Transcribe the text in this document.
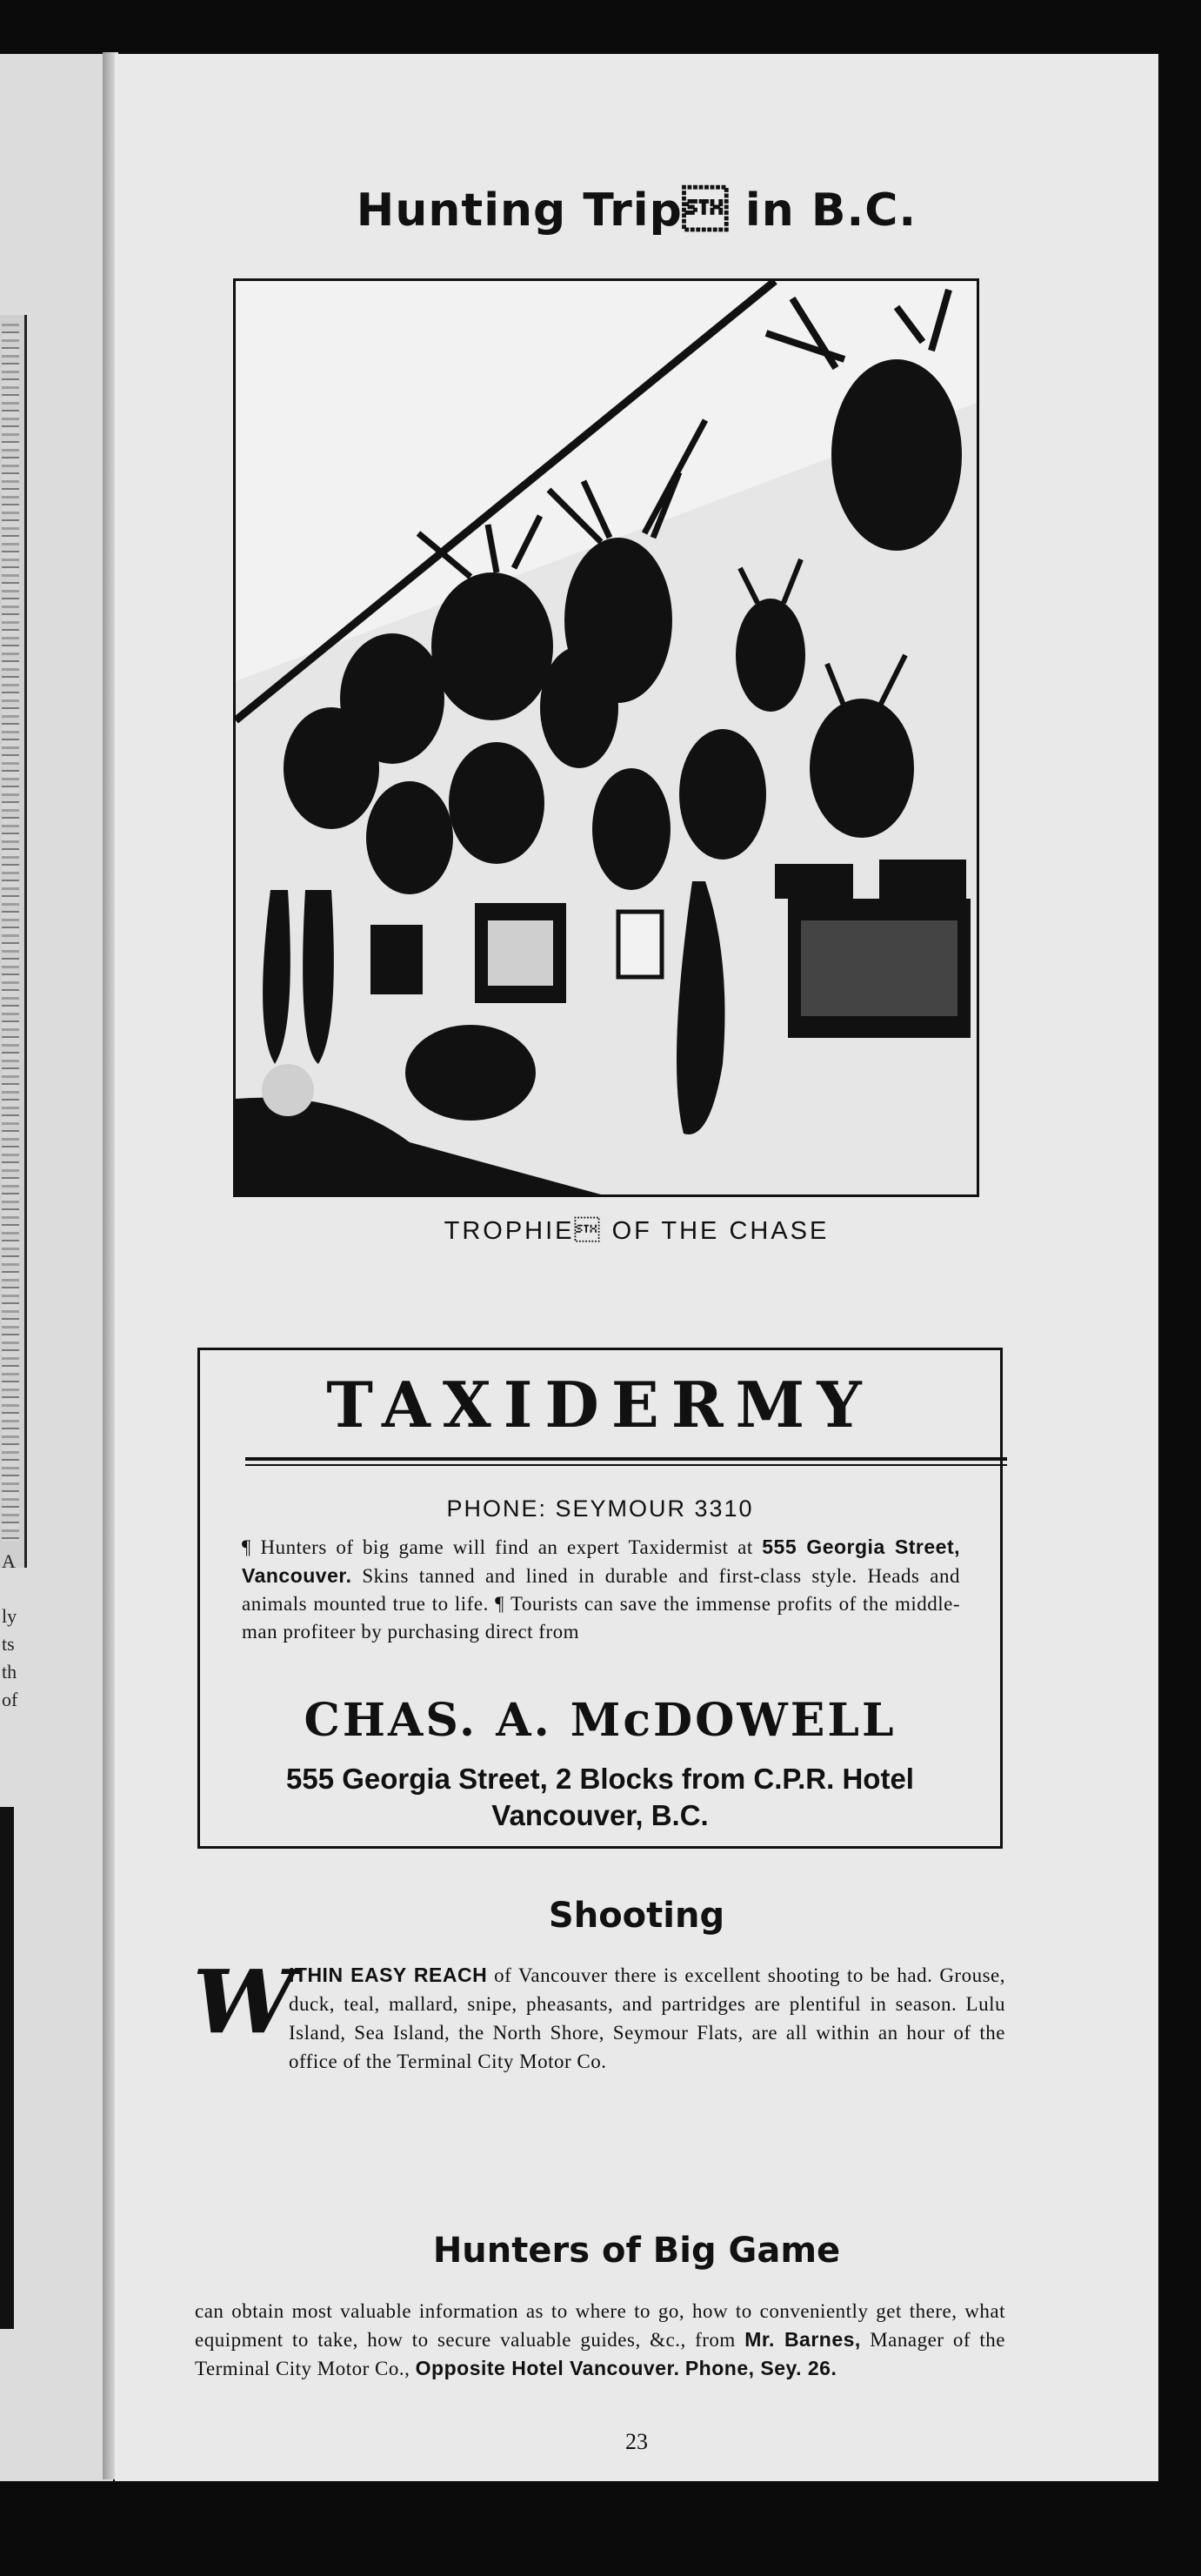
A
ly
ts
th
of
Hunting Trip in B.C.
TROPHIE OF THE CHASE
TAXIDERMY
PHONE: SEYMOUR 3310
¶ Hunters of big game will find an expert Taxidermist at 555 Georgia Street, Vancouver. Skins tanned and lined in durable and first-class style. Heads and animals mounted true to life. ¶ Tourists can save the immense profits of the middle-man profiteer by purchasing direct from
CHAS. A. McDOWELL
555 Georgia Street, 2 Blocks from C.P.R. Hotel
Vancouver, B.C.
Shooting
W
ITHIN EASY REACH of Vancouver there is excellent shooting to be had. Grouse, duck, teal, mallard, snipe, pheasants, and partridges are plentiful in season. Lulu Island, Sea Island, the North Shore, Seymour Flats, are all within an hour of the office of the Terminal City Motor Co.
Hunters of Big Game
can obtain most valuable information as to where to go, how to conveniently get there, what equipment to take, how to secure valuable guides, &c., from Mr. Barnes, Manager of the Terminal City Motor Co., Opposite Hotel Vancouver. Phone, Sey. 26.
23
